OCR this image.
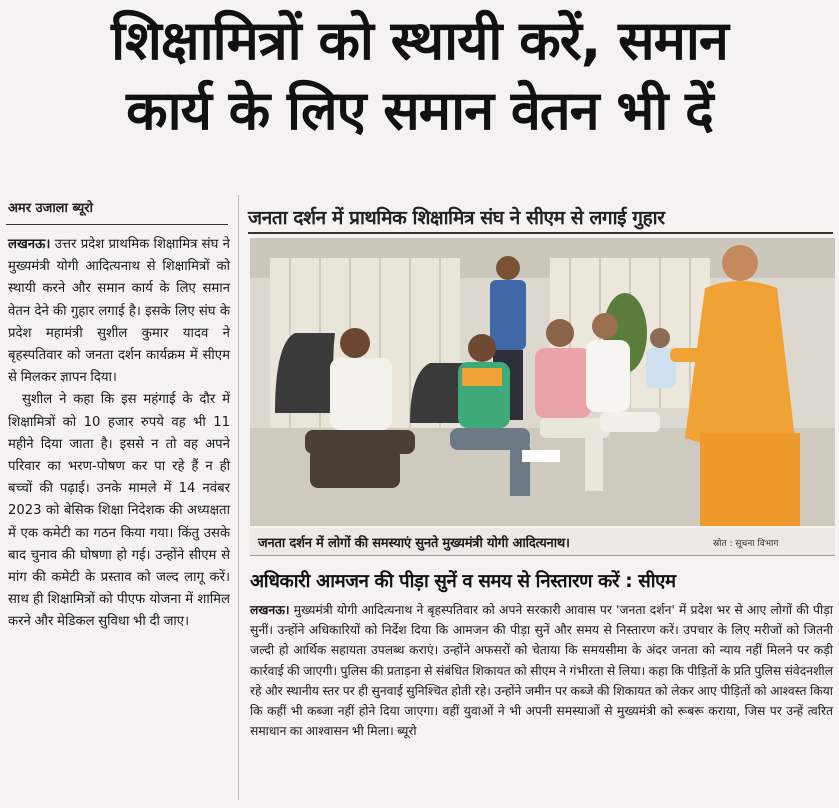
शिक्षामित्रों को स्थायी करें, समान
कार्य के लिए समान वेतन भी दें
अमर उजाला ब्यूरो

लखनऊ। उत्तर प्रदेश प्राथमिक शिक्षामित्र संघ ने मुख्यमंत्री योगी आदित्यनाथ से शिक्षामित्रों को स्थायी करने और समान कार्य के लिए समान वेतन देने की गुहार लगाई है। इसके लिए संघ के प्रदेश महामंत्री सुशील कुमार यादव ने बृहस्पतिवार को जनता दर्शन कार्यक्रम में सीएम से मिलकर ज्ञापन दिया।

सुशील ने कहा कि इस महंगाई के दौर में शिक्षामित्रों को 10 हजार रुपये वह भी 11 महीने दिया जाता है। इससे न तो वह अपने परिवार का भरण-पोषण कर पा रहे हैं न ही बच्चों की पढ़ाई। उनके मामले में 14 नवंबर 2023 को बेसिक शिक्षा निदेशक की अध्यक्षता में एक कमेटी का गठन किया गया। किंतु उसके बाद चुनाव की घोषणा हो गई। उन्होंने सीएम से मांग की कमेटी के प्रस्ताव को जल्द लागू करें। साथ ही शिक्षामित्रों को पीएफ योजना में शामिल करने और मेडिकल सुविधा भी दी जाए।

जनता दर्शन में प्राथमिक शिक्षामित्र संघ ने सीएम से लगाई गुहार
जनता दर्शन में लोगों की समस्याएं सुनते मुख्यमंत्री योगी आदित्यनाथ।	स्रोत : सूचना विभाग
अधिकारी आमजन की पीड़ा सुनें व समय से निस्तारण करें : सीएम
लखनऊ। मुख्यमंत्री योगी आदित्यनाथ ने बृहस्पतिवार को अपने सरकारी आवास पर 'जनता दर्शन' में प्रदेश भर से आए लोगों की पीड़ा सुनीं। उन्होंने अधिकारियों को निर्देश दिया कि आमजन की पीड़ा सुनें और समय से निस्तारण करें। उपचार के लिए मरीजों को जितनी जल्दी हो आर्थिक सहायता उपलब्ध कराएं। उन्होंने अफसरों को चेताया कि समयसीमा के अंदर जनता को न्याय नहीं मिलने पर कड़ी कार्रवाई की जाएगी। पुलिस की प्रताड़ना से संबंधित शिकायत को सीएम ने गंभीरता से लिया। कहा कि पीड़ितों के प्रति पुलिस संवेदनशील रहे और स्थानीय स्तर पर ही सुनवाई सुनिश्चित होती रहे। उन्होंने जमीन पर कब्जे की शिकायत को लेकर आए पीड़ितों को आश्वस्त किया कि कहीं भी कब्जा नहीं होने दिया जाएगा। वहीं युवाओं ने भी अपनी समस्याओं से मुख्यमंत्री को रूबरू कराया, जिस पर उन्हें त्वरित समाधान का आश्वासन भी मिला। ब्यूरो
